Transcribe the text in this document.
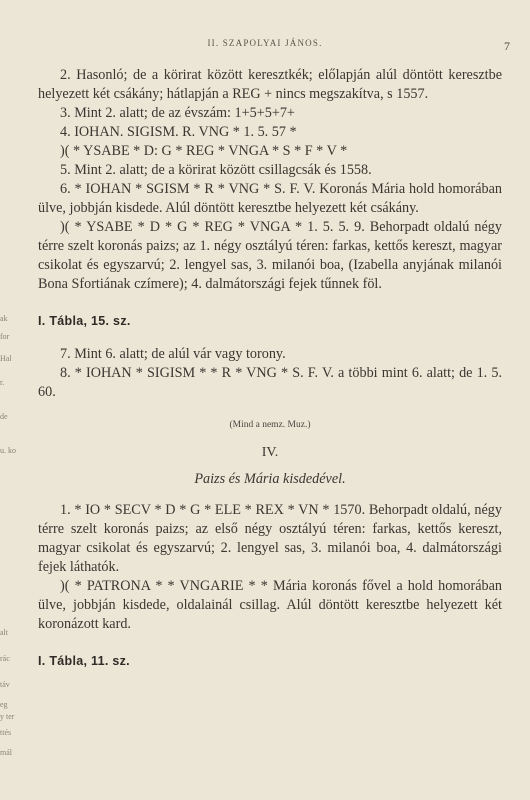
II. SZAPOLYAI JÁNOS.	7

2. Hasonló; de a körirat között keresztkék; előlapján alúl döntött keresztbe helyezett két csákány; hátlapján a REG + nincs megszakítva, s 1557.

3. Mint 2. alatt; de az évszám: 1+5+5+7+

4. IOHAN. SIGISM. R. VNG * 1. 5. 57 *

)( * YSABE * D: G * REG * VNGA * S * F * V *

5. Mint 2. alatt; de a körirat között csillagcsák és 1558.

6. * IOHAN * SGISM * R * VNG * S. F. V. Koronás Mária hold homorában ülve, jobbján kisdede. Alúl döntött keresztbe helyezett két csákány.

)( * YSABE * D * G * REG * VNGA * 1. 5. 5. 9. Behorpadt oldalú négy térre szelt koronás paizs; az 1. négy osztályú téren: farkas, kettős kereszt, magyar csikolat és egyszarvú; 2. lengyel sas, 3. milanói boa, (Izabella anyjának milanói Bona Sfortiának czímere); 4. dalmátországi fejek tűnnek föl.

I. Tábla, 15. sz.

7. Mint 6. alatt; de alúl vár vagy torony.

8. * IOHAN * SIGISM * * R * VNG * S. F. V. a többi mint 6. alatt; de 1. 5. 60.

(Mind a nemz. Muz.)
IV.
Paizs és Mária kisdedével.

1. * IO * SECV * D * G * ELE * REX * VN * 1570. Behorpadt oldalú, négy térre szelt koronás paizs; az első négy osztályú téren: farkas, kettős kereszt, magyar csikolat és egyszarvú; 2. lengyel sas, 3. milanói boa, 4. dalmátországi fejek láthatók.

)( * PATRONA * * VNGARIE * * Mária koronás fővel a hold homorában ülve, jobbján kisdede, oldalainál csillag. Alúl döntött keresztbe helyezett két koronázott kard.

I. Tábla, 11. sz.
ak
for
Hal
r.
de
u. ko
alt
rác
táv
eg
y ter
ttés
mál
